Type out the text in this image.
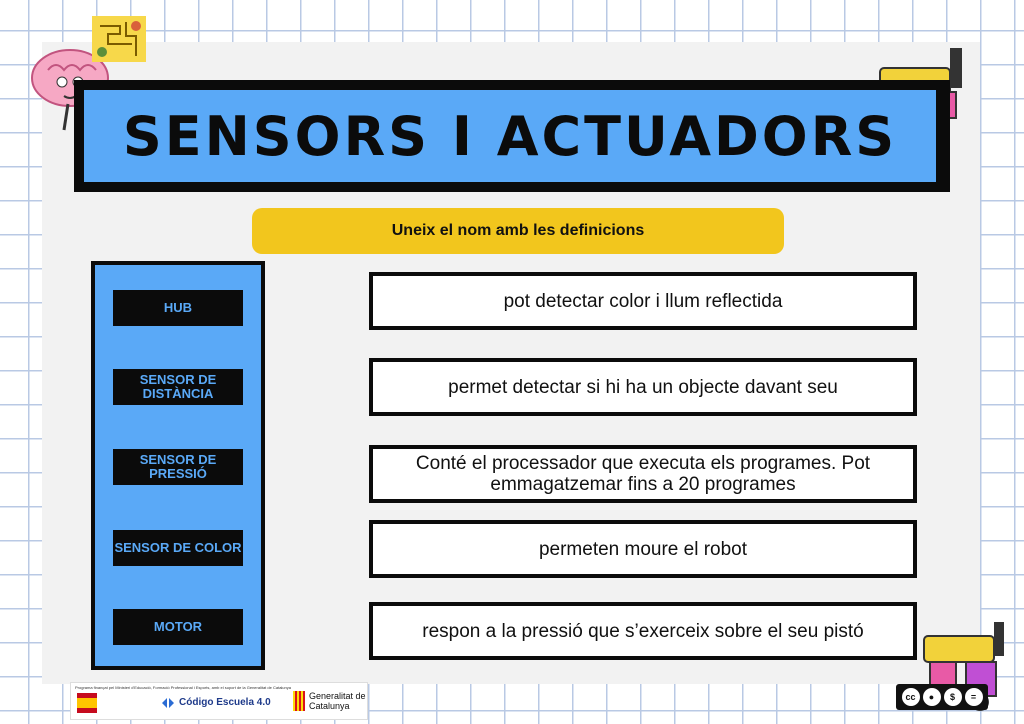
SENSORS I ACTUADORS
Uneix el nom amb les definicions
HUB
SENSOR DE DISTÀNCIA
SENSOR DE PRESSIÓ
SENSOR DE COLOR
MOTOR
pot detectar color i llum reflectida
permet detectar si hi ha un objecte davant seu
Conté el processador que executa els programes. Pot emmagatzemar fins a 20 programes
permeten moure el robot
respon a la pressió que s’exerceix sobre el seu pistó
Programa finançat pel Ministeri d'Educació, Formació Professional i Esports, amb el suport de la Generalitat de Catalunya
Código Escuela 4.0
Generalitat de Catalunya
cc	●	$	=
